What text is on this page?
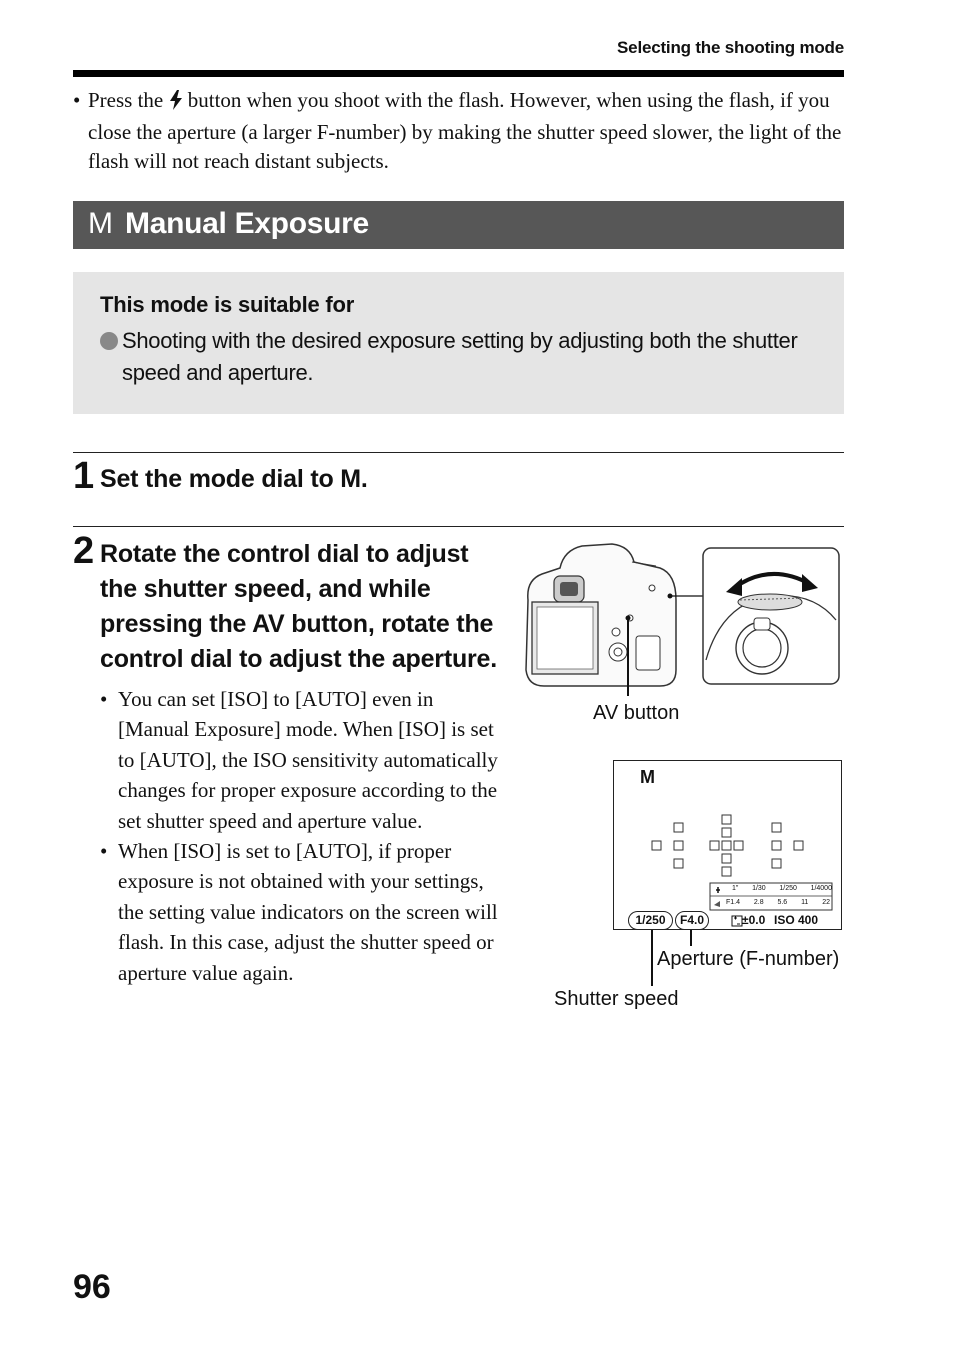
Selecting the shooting mode
• Press the button when you shoot with the flash. However, when using the flash, if you close the aperture (a larger F-number) by making the shutter speed slower, the light of the flash will not reach distant subjects.
M Manual Exposure
This mode is suitable for
Shooting with the desired exposure setting by adjusting both the shutter speed and aperture.
1 Set the mode dial to M.
2 Rotate the control dial to adjust
the shutter speed, and while
pressing the AV button, rotate the
control dial to adjust the aperture.
• You can set [ISO] to [AUTO] even in [Manual Exposure] mode. When [ISO] is set to [AUTO], the ISO sensitivity automatically changes for proper exposure according to the set shutter speed and aperture value.
• When [ISO] is set to [AUTO], if proper exposure is not obtained with your settings, the setting value indicators on the screen will flash. In this case, adjust the shutter speed or aperture value again.
AV button
M
1" 1/30 1/250 1/4000
F1.4 2.8 5.6 11 22
1/250	F4.0	±0.0 ISO 400
Aperture (F-number)
Shutter speed
96
